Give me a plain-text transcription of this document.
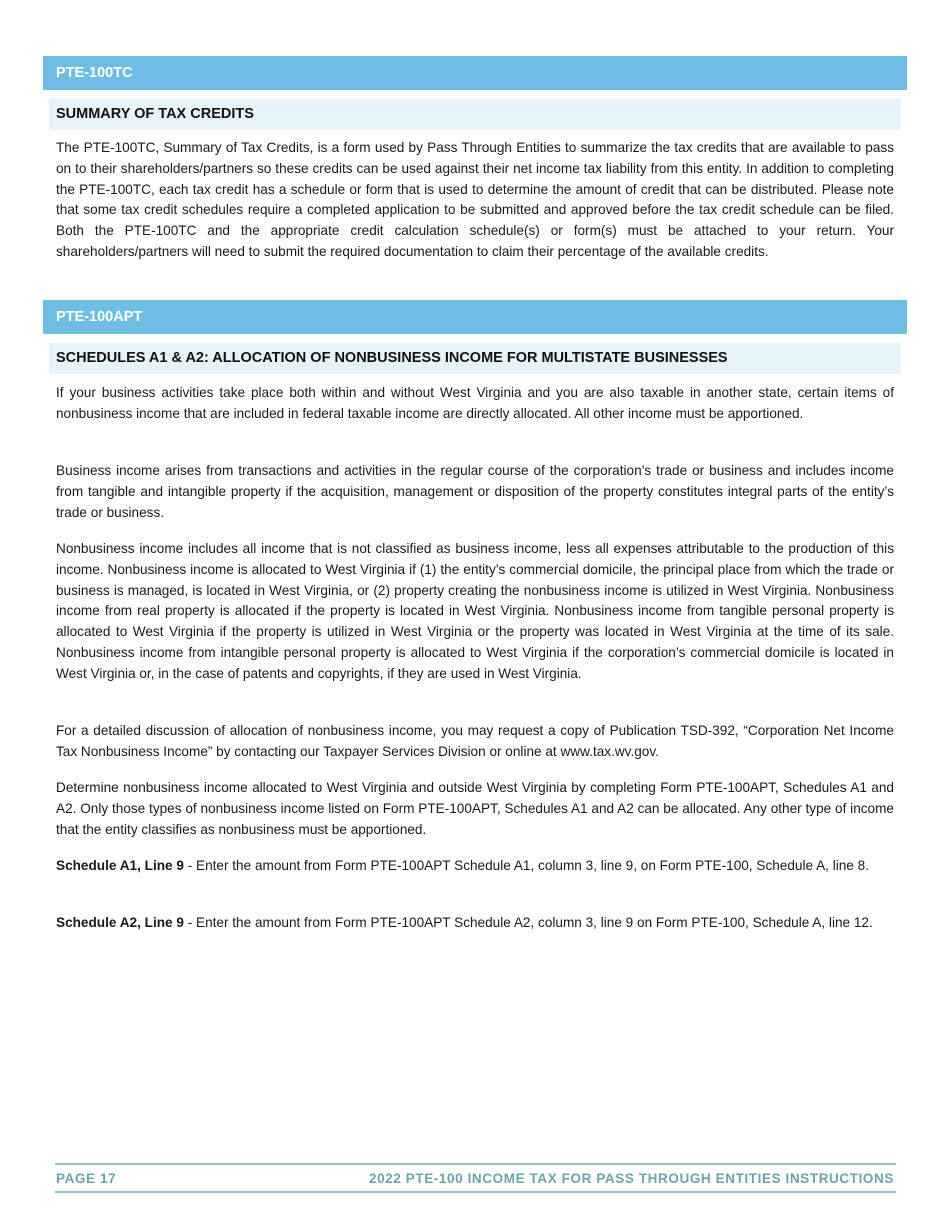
PTE-100TC
SUMMARY OF TAX CREDITS

The PTE-100TC, Summary of Tax Credits, is a form used by Pass Through Entities to summarize the tax credits that are available to pass on to their shareholders/partners so these credits can be used against their net income tax liability from this entity. In addition to completing the PTE-100TC, each tax credit has a schedule or form that is used to determine the amount of credit that can be distributed. Please note that some tax credit schedules require a completed application to be submitted and approved before the tax credit schedule can be filed. Both the PTE-100TC and the appropriate credit calculation schedule(s) or form(s) must be attached to your return. Your shareholders/partners will need to submit the required documentation to claim their percentage of the available credits.

PTE-100APT
SCHEDULES A1 & A2: ALLOCATION OF NONBUSINESS INCOME FOR MULTISTATE BUSINESSES

If your business activities take place both within and without West Virginia and you are also taxable in another state, certain items of nonbusiness income that are included in federal taxable income are directly allocated. All other income must be apportioned.

Business income arises from transactions and activities in the regular course of the corporation’s trade or business and includes income from tangible and intangible property if the acquisition, management or disposition of the property constitutes integral parts of the entity’s trade or business.

Nonbusiness income includes all income that is not classified as business income, less all expenses attributable to the production of this income. Nonbusiness income is allocated to West Virginia if (1) the entity’s commercial domicile, the principal place from which the trade or business is managed, is located in West Virginia, or (2) property creating the nonbusiness income is utilized in West Virginia. Nonbusiness income from real property is allocated if the property is located in West Virginia. Nonbusiness income from tangible personal property is allocated to West Virginia if the property is utilized in West Virginia or the property was located in West Virginia at the time of its sale. Nonbusiness income from intangible personal property is allocated to West Virginia if the corporation’s commercial domicile is located in West Virginia or, in the case of patents and copyrights, if they are used in West Virginia.

For a detailed discussion of allocation of nonbusiness income, you may request a copy of Publication TSD-392, “Corporation Net Income Tax Nonbusiness Income” by contacting our Taxpayer Services Division or online at www.tax.wv.gov.

Determine nonbusiness income allocated to West Virginia and outside West Virginia by completing Form PTE-100APT, Schedules A1 and A2. Only those types of nonbusiness income listed on Form PTE-100APT, Schedules A1 and A2 can be allocated. Any other type of income that the entity classifies as nonbusiness must be apportioned.

Schedule A1, Line 9 - Enter the amount from Form PTE-100APT Schedule A1, column 3, line 9, on Form PTE-100, Schedule A, line 8.

Schedule A2, Line 9 - Enter the amount from Form PTE-100APT Schedule A2, column 3, line 9 on Form PTE-100, Schedule A, line 12.

PAGE 17	2022 PTE-100 INCOME TAX FOR PASS THROUGH ENTITIES INSTRUCTIONS
